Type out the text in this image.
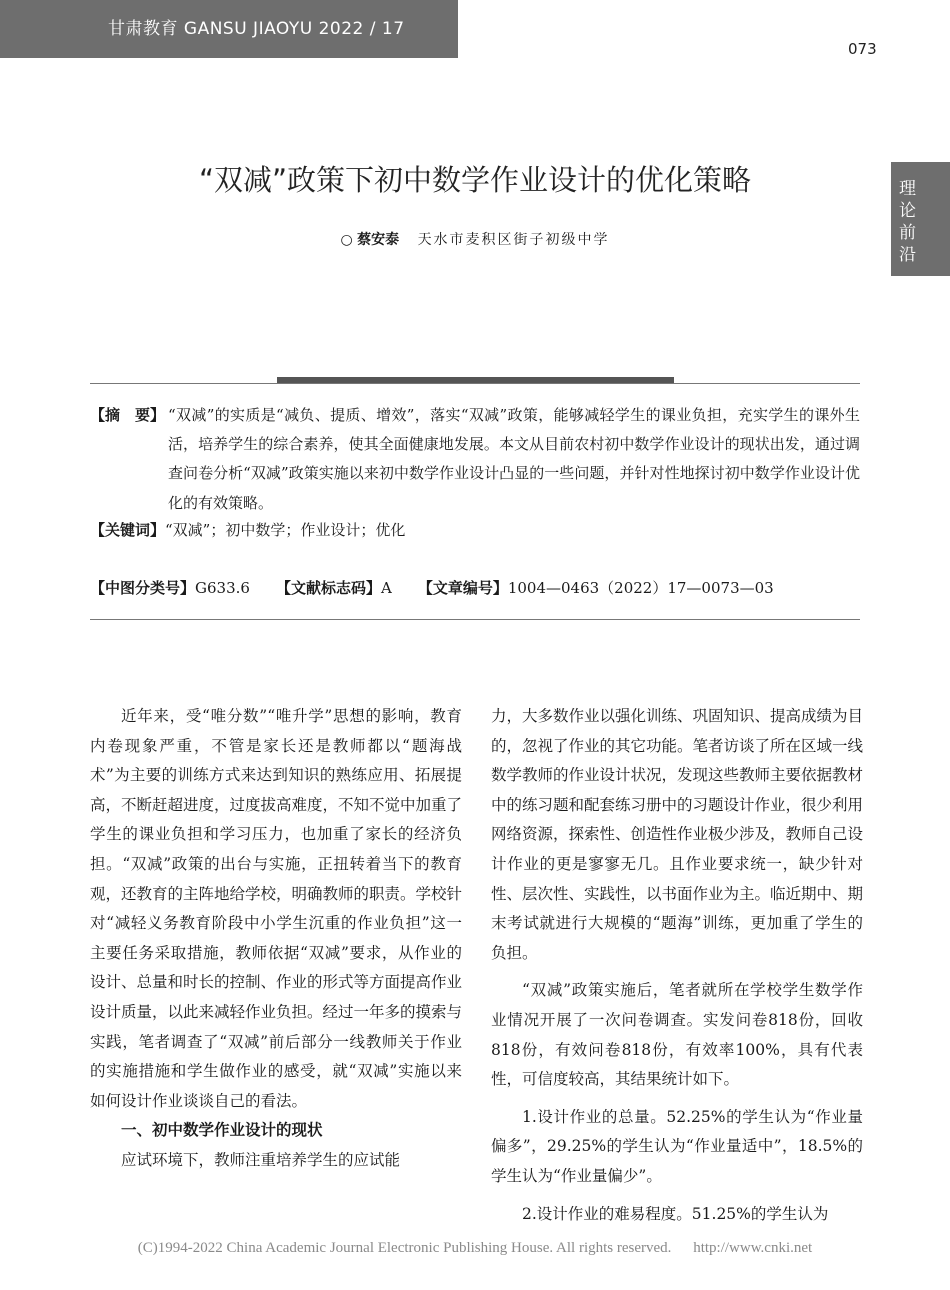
甘肃教育 GANSU JIAOYU 2022 / 17
073
理论前沿
“双减”政策下初中数学作业设计的优化策略
○ 蔡安泰 天水市麦积区街子初级中学
【摘　要】 “双减”的实质是“减负、提质、增效”，落实“双减”政策，能够减轻学生的课业负担，充实学生的课外生活，培养学生的综合素养，使其全面健康地发展。本文从目前农村初中数学作业设计的现状出发，通过调查问卷分析“双减”政策实施以来初中数学作业设计凸显的一些问题，并针对性地探讨初中数学作业设计优化的有效策略。
【关键词】“双减”；初中数学；作业设计；优化
【中图分类号】G633.6 【文献标志码】A 【文章编号】1004—0463（2022）17—0073—03

近年来，受“唯分数”“唯升学”思想的影响，教育内卷现象严重，不管是家长还是教师都以“题海战术”为主要的训练方式来达到知识的熟练应用、拓展提高，不断赶超进度，过度拔高难度，不知不觉中加重了学生的课业负担和学习压力，也加重了家长的经济负担。“双减”政策的出台与实施，正扭转着当下的教育观，还教育的主阵地给学校，明确教师的职责。学校针对“减轻义务教育阶段中小学生沉重的作业负担”这一主要任务采取措施，教师依据“双减”要求，从作业的设计、总量和时长的控制、作业的形式等方面提高作业设计质量，以此来减轻作业负担。经过一年多的摸索与实践，笔者调查了“双减”前后部分一线教师关于作业的实施措施和学生做作业的感受，就“双减”实施以来如何设计作业谈谈自己的看法。

一、初中数学作业设计的现状

应试环境下，教师注重培养学生的应试能

力，大多数作业以强化训练、巩固知识、提高成绩为目的，忽视了作业的其它功能。笔者访谈了所在区域一线数学教师的作业设计状况，发现这些教师主要依据教材中的练习题和配套练习册中的习题设计作业，很少利用网络资源，探索性、创造性作业极少涉及，教师自己设计作业的更是寥寥无几。且作业要求统一，缺少针对性、层次性、实践性，以书面作业为主。临近期中、期末考试就进行大规模的“题海”训练，更加重了学生的负担。

“双减”政策实施后，笔者就所在学校学生数学作业情况开展了一次问卷调查。实发问卷818份，回收818份，有效问卷818份，有效率100%，具有代表性，可信度较高，其结果统计如下。

1.设计作业的总量。52.25%的学生认为“作业量偏多”，29.25%的学生认为“作业量适中”，18.5%的学生认为“作业量偏少”。

2.设计作业的难易程度。51.25%的学生认为

(C)1994-2022 China Academic Journal Electronic Publishing House. All rights reserved. http://www.cnki.net
